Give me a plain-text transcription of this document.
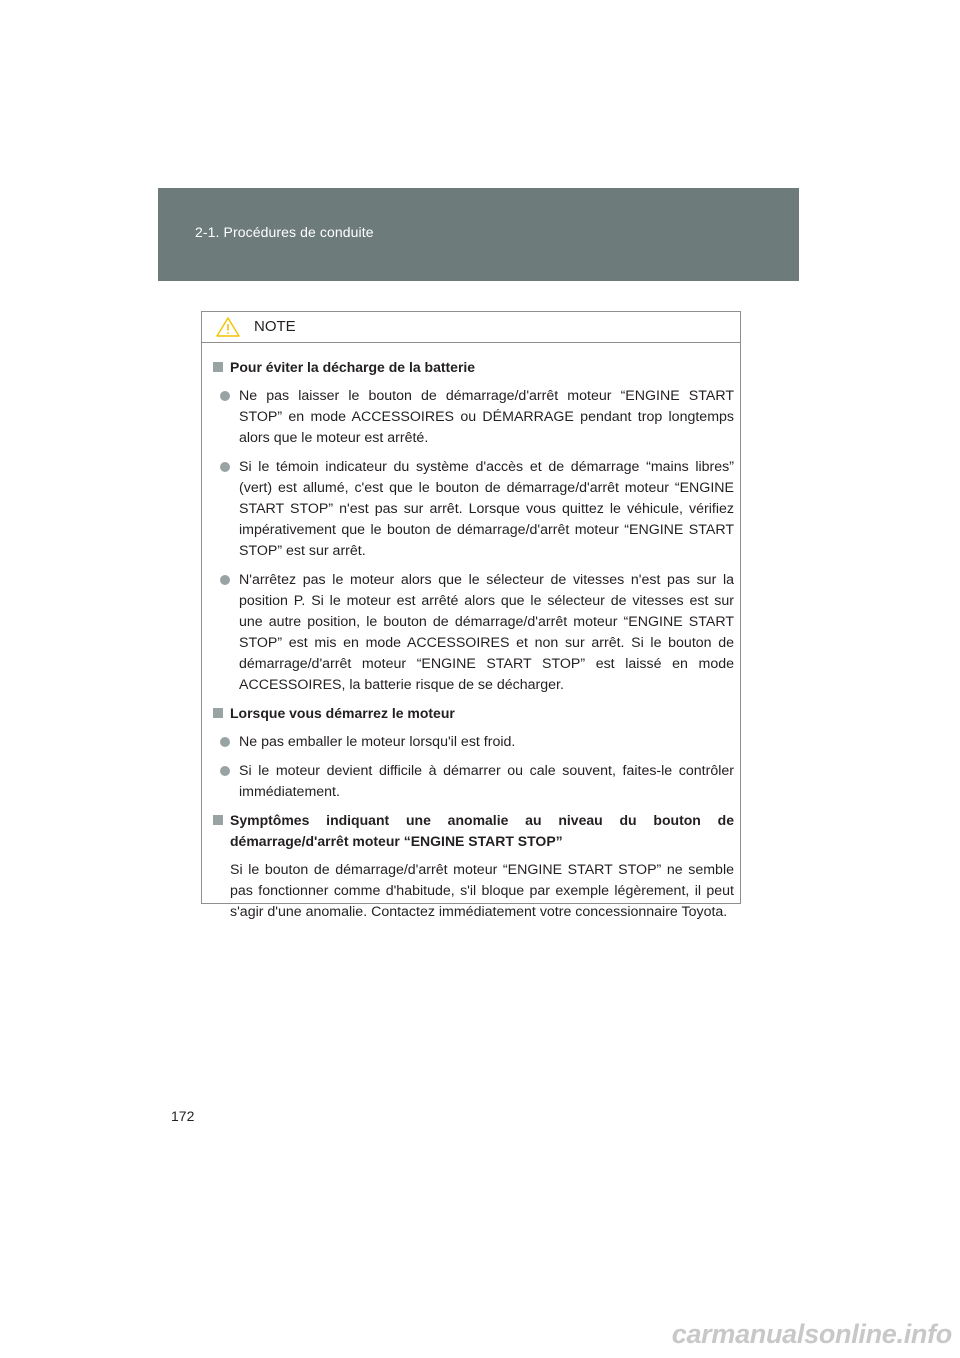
2-1. Procédures de conduite
NOTE
Pour éviter la décharge de la batterie
Ne pas laisser le bouton de démarrage/d'arrêt moteur “ENGINE START STOP” en mode ACCESSOIRES ou DÉMARRAGE pendant trop longtemps alors que le moteur est arrêté.
Si le témoin indicateur du système d'accès et de démarrage “mains libres” (vert) est allumé, c'est que le bouton de démarrage/d'arrêt moteur “ENGINE START STOP” n'est pas sur arrêt. Lorsque vous quittez le véhicule, vérifiez impérativement que le bouton de démarrage/d'arrêt moteur “ENGINE START STOP” est sur arrêt.
N'arrêtez pas le moteur alors que le sélecteur de vitesses n'est pas sur la position P. Si le moteur est arrêté alors que le sélecteur de vitesses est sur une autre position, le bouton de démarrage/d'arrêt moteur “ENGINE START STOP” est mis en mode ACCESSOIRES et non sur arrêt. Si le bouton de démarrage/d'arrêt moteur “ENGINE START STOP” est laissé en mode ACCESSOIRES, la batterie risque de se décharger.
Lorsque vous démarrez le moteur
Ne pas emballer le moteur lorsqu'il est froid.
Si le moteur devient difficile à démarrer ou cale souvent, faites-le contrôler immédiatement.
Symptômes indiquant une anomalie au niveau du bouton de démarrage/d'arrêt moteur “ENGINE START STOP”
Si le bouton de démarrage/d'arrêt moteur “ENGINE START STOP” ne semble pas fonctionner comme d'habitude, s'il bloque par exemple légèrement, il peut s'agir d'une anomalie. Contactez immédiatement votre concessionnaire Toyota.
172
carmanualsonline.info
